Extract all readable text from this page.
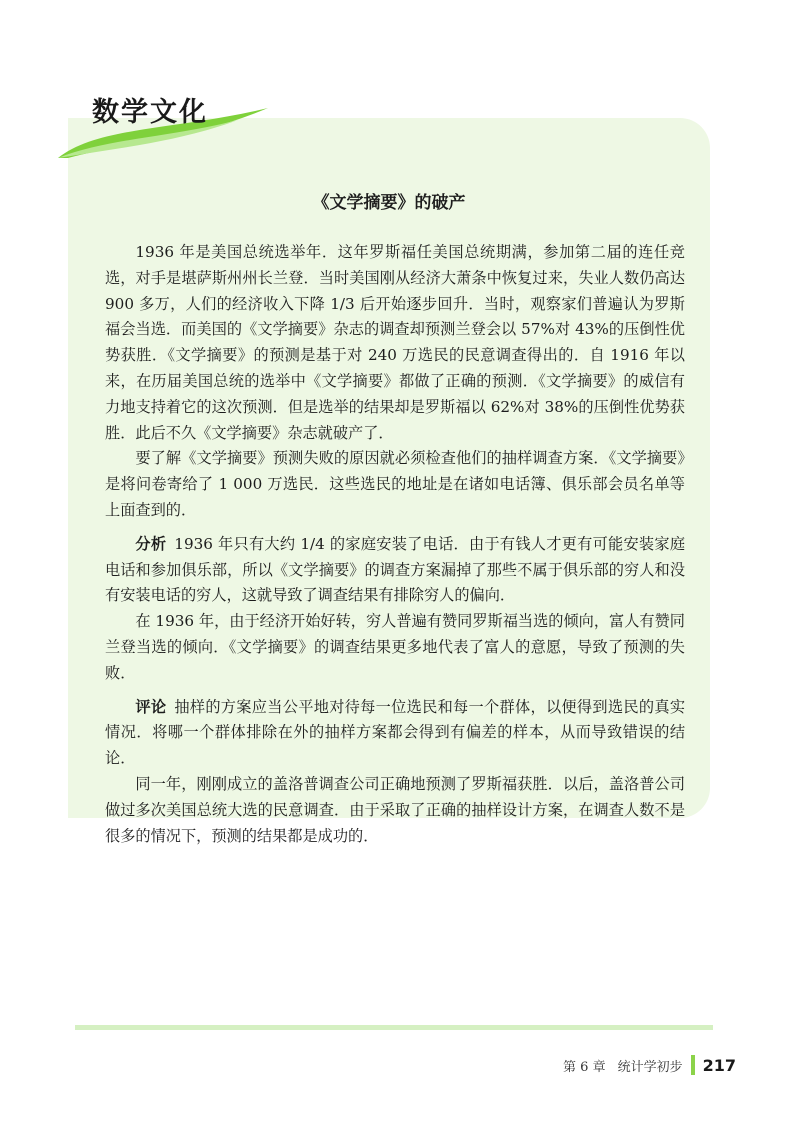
数学文化
《文学摘要》的破产

1936 年是美国总统选举年．这年罗斯福任美国总统期满，参加第二届的连任竞选，对手是堪萨斯州州长兰登．当时美国刚从经济大萧条中恢复过来，失业人数仍高达 900 多万，人们的经济收入下降 1/3 后开始逐步回升．当时，观察家们普遍认为罗斯福会当选．而美国的《文学摘要》杂志的调查却预测兰登会以 57%对 43%的压倒性优势获胜．《文学摘要》的预测是基于对 240 万选民的民意调查得出的．自 1916 年以来，在历届美国总统的选举中《文学摘要》都做了正确的预测．《文学摘要》的威信有力地支持着它的这次预测．但是选举的结果却是罗斯福以 62%对 38%的压倒性优势获胜．此后不久《文学摘要》杂志就破产了．

要了解《文学摘要》预测失败的原因就必须检查他们的抽样调查方案．《文学摘要》是将问卷寄给了 1 000 万选民．这些选民的地址是在诸如电话簿、俱乐部会员名单等上面查到的．

分析 1936 年只有大约 1/4 的家庭安装了电话．由于有钱人才更有可能安装家庭电话和参加俱乐部，所以《文学摘要》的调查方案漏掉了那些不属于俱乐部的穷人和没有安装电话的穷人，这就导致了调查结果有排除穷人的偏向．

在 1936 年，由于经济开始好转，穷人普遍有赞同罗斯福当选的倾向，富人有赞同兰登当选的倾向．《文学摘要》的调查结果更多地代表了富人的意愿，导致了预测的失败．

评论 抽样的方案应当公平地对待每一位选民和每一个群体，以便得到选民的真实情况．将哪一个群体排除在外的抽样方案都会得到有偏差的样本，从而导致错误的结论．

同一年，刚刚成立的盖洛普调查公司正确地预测了罗斯福获胜．以后，盖洛普公司做过多次美国总统大选的民意调查．由于采取了正确的抽样设计方案，在调查人数不是很多的情况下，预测的结果都是成功的．

第 6 章 统计学初步 217
